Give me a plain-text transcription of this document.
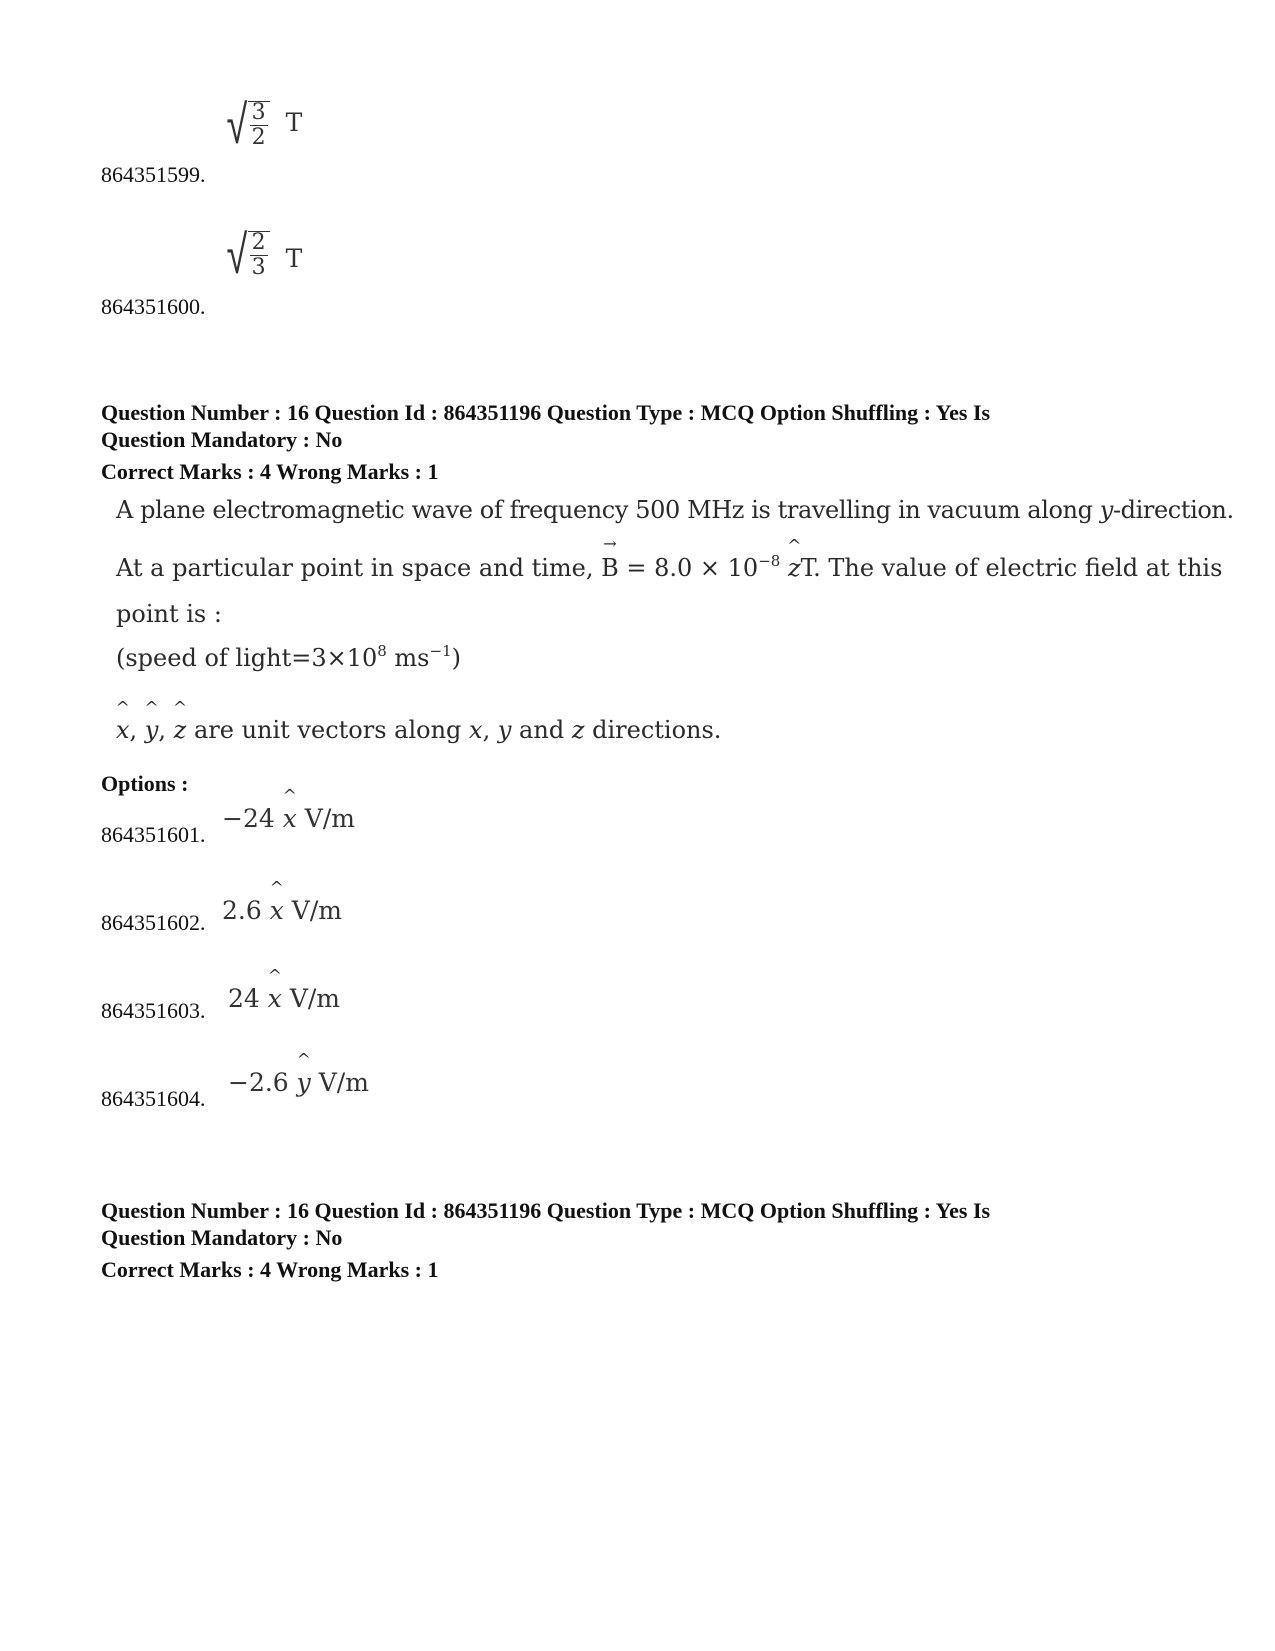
864351599.
√ $\frac{3}{2}$ T
864351600.
√ $\frac{2}{3}$ T
Question Number : 16 Question Id : 864351196 Question Type : MCQ Option Shuffling : Yes Is
Question Mandatory : No
Correct Marks : 4 Wrong Marks : 1
A plane electromagnetic wave of frequency 500 MHz is travelling in vacuum along y-direction.
At a particular point in space and time, → $B = 8.0 \times 10^{-8}$ ^ zT. The value of electric field at this
point is :
(speed of $light=3\times 10^8$ $ms^{-1}$)
^ x, ^ y, ^ z are unit vectors along x, y and z directions.
Options :
864351601.
−24 ^ x V/m
864351602. 2.6 ^ x V/m
864351603. 24 ^ x V/m
864351604.
−2.6 ^ y V/m
Question Number : 16 Question Id : 864351196 Question Type : MCQ Option Shuffling : Yes Is
Question Mandatory : No
Correct Marks : 4 Wrong Marks : 1
